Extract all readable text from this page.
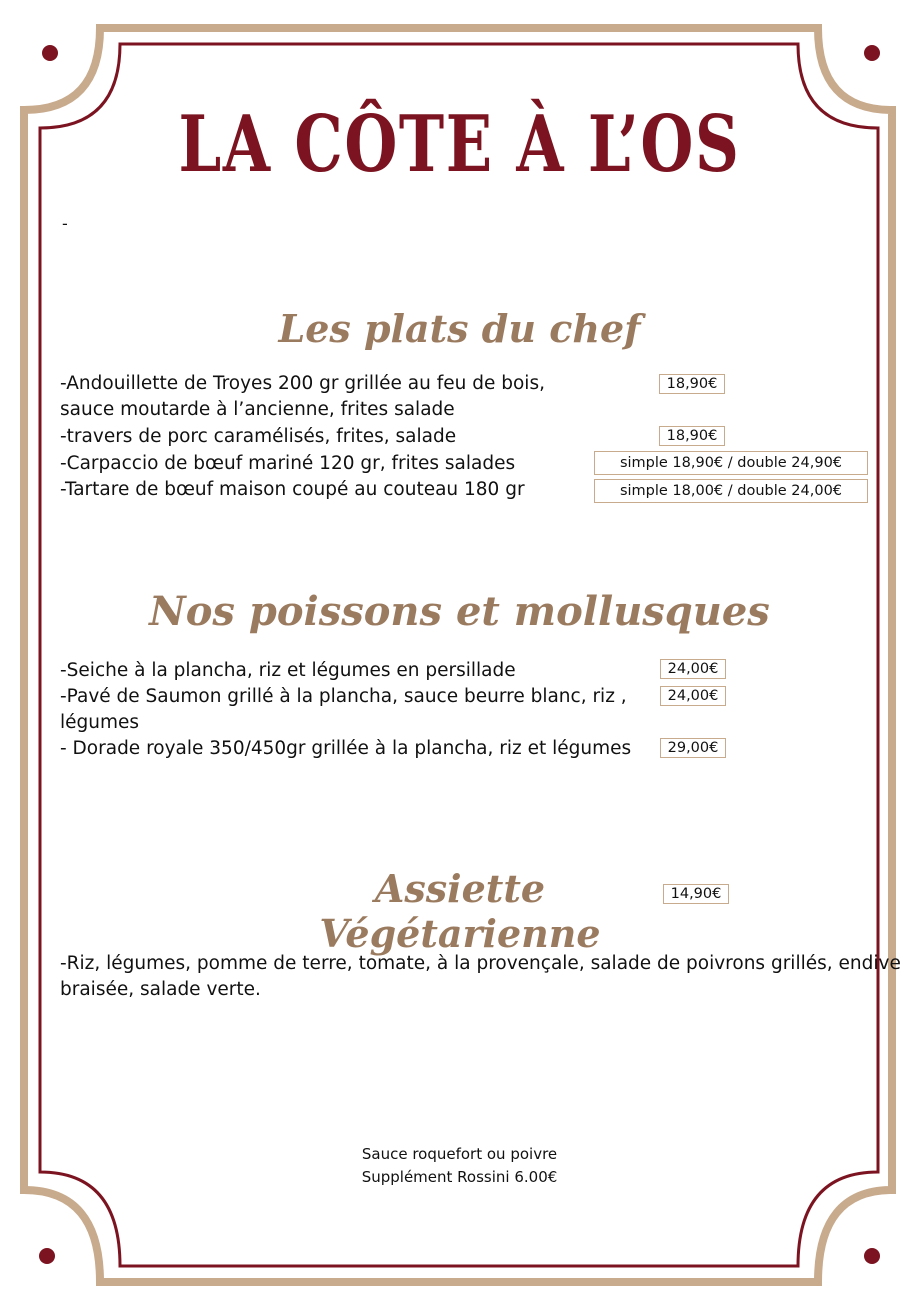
LA CÔTE À L’OS
-
Les plats du chef
-Andouillette de Troyes 200 gr grillée au feu de bois,
sauce moutarde à l’ancienne, frites salade
18,90€
-travers de porc caramélisés, frites, salade	18,90€
-Carpaccio de bœuf mariné 120 gr, frites salades	simple 18,90€ / double 24,90€
-Tartare de bœuf maison coupé au couteau 180 gr	simple 18,00€ / double 24,00€
Nos poissons et mollusques
-Seiche à la plancha, riz et légumes en persillade	24,00€
-Pavé de Saumon grillé à la plancha, sauce beurre blanc, riz ,
légumes
24,00€
- Dorade royale 350/450gr grillée à la plancha, riz et légumes	29,00€
Assiette Végétarienne
14,90€
-Riz, légumes, pomme de terre, tomate, à la provençale, salade de poivrons grillés, endive
braisée, salade verte.
Sauce roquefort ou poivre
Supplément Rossini 6.00€
